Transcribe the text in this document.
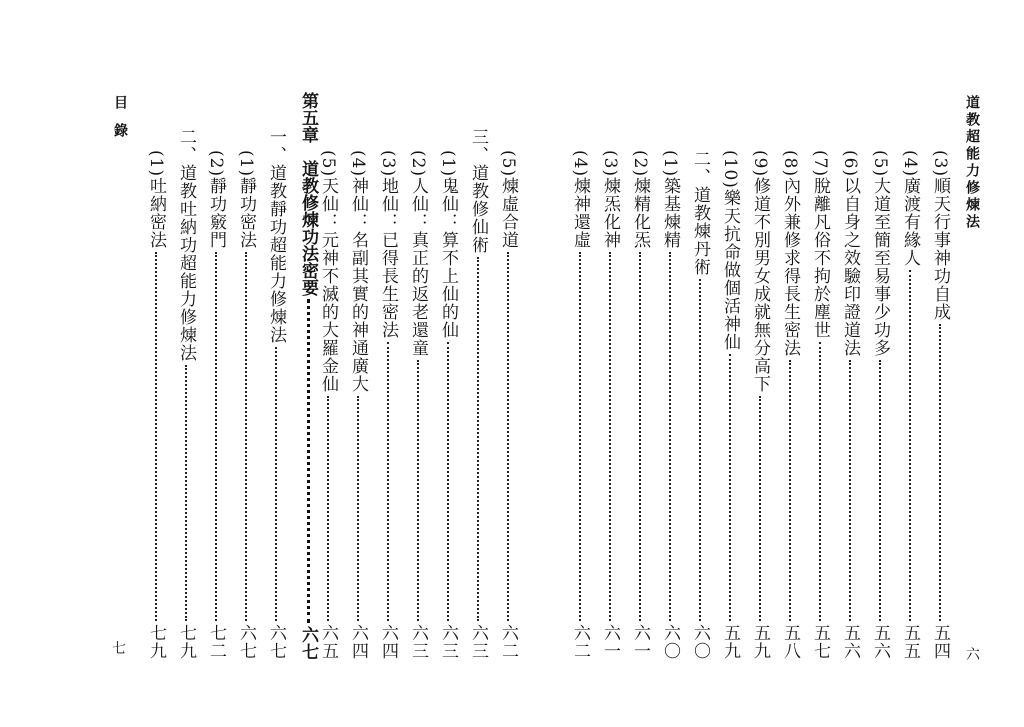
道教超能力修煉法
六
(3)順天行事神功自成
五四
(4)廣渡有緣人
五五
(5)大道至簡至易事少功多
五六
(6)以自身之效驗印證道法
五六
(7)脫離凡俗不拘於塵世
五七
(8)內外兼修求得長生密法
五八
(9)修道不別男女成就無分高下
五九
(10)樂天抗命做個活神仙
五九
二、道教煉丹術
六〇
(1)築基煉精
六〇
(2)煉精化炁
六一
(3)煉炁化神
六一
(4)煉神還虛
六二
(5)煉虛合道
六二
三、道教修仙術
六三
(1)鬼仙：算不上仙的仙
六三
(2)人仙：真正的返老還童
六三
(3)地仙：已得長生密法
六四
(4)神仙：名副其實的神通廣大
六四
(5)天仙：元神不滅的大羅金仙
六五
第五章　道教修煉功法密要
六七
一、道教靜功超能力修煉法
六七
(1)靜功密法
六七
(2)靜功竅門
七二
二、道教吐納功超能力修煉法
七九
(1)吐納密法
七九
目錄
七
